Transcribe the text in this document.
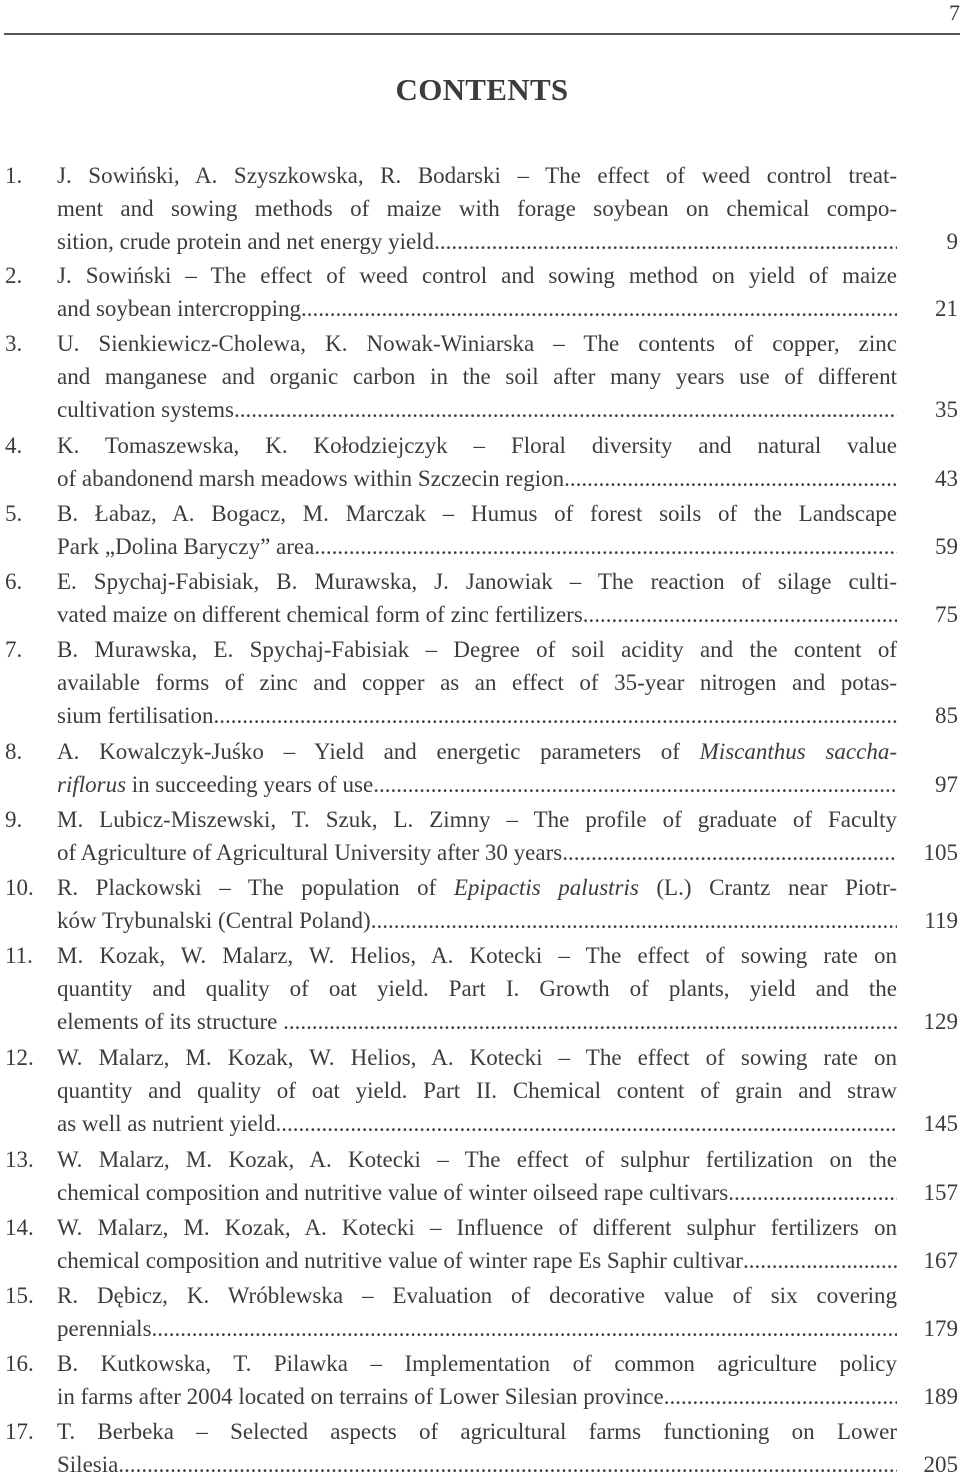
7
CONTENTS
1. J. Sowiński, A. Szyszkowska, R. Bodarski – The effect of weed control treat-
ment and sowing methods of maize with forage soybean on chemical compo-
sition, crude protein and net energy yield .....	9
2. J. Sowiński – The effect of weed control and sowing method on yield of maize
and soybean intercropping .....	21
3. U. Sienkiewicz-Cholewa, K. Nowak-Winiarska – The contents of copper, zinc
and manganese and organic carbon in the soil after many years use of different
cultivation systems .....	35
4. K. Tomaszewska, K. Kołodziejczyk – Floral diversity and natural value
of abandonend marsh meadows within Szczecin region .....	43
5. B. Łabaz, A. Bogacz, M. Marczak – Humus of forest soils of the Landscape
Park „Dolina Baryczy” area .....	59
6. E. Spychaj-Fabisiak, B. Murawska, J. Janowiak – The reaction of silage culti-
vated maize on different chemical form of zinc fertilizers .....	75
7. B. Murawska, E. Spychaj-Fabisiak – Degree of soil acidity and the content of
available forms of zinc and copper as an effect of 35-year nitrogen and potas-
sium fertilisation .....	85
8. A. Kowalczyk-Juśko – Yield and energetic parameters of Miscanthus saccha-
riflorus in succeeding years of use .....	97
9. M. Lubicz-Miszewski, T. Szuk, L. Zimny – The profile of graduate of Faculty
of Agriculture of Agricultural University after 30 years .....	105
10. R. Plackowski – The population of Epipactis palustris (L.) Crantz near Piotr-
ków Trybunalski (Central Poland) .....	119
11. M. Kozak, W. Malarz, W. Helios, A. Kotecki – The effect of sowing rate on
quantity and quality of oat yield. Part I. Growth of plants, yield and the
elements of its structure .....	129
12. W. Malarz, M. Kozak, W. Helios, A. Kotecki – The effect of sowing rate on
quantity and quality of oat yield. Part II. Chemical content of grain and straw
as well as nutrient yield .....	145
13. W. Malarz, M. Kozak, A. Kotecki – The effect of sulphur fertilization on the
chemical composition and nutritive value of winter oilseed rape cultivars .....	157
14. W. Malarz, M. Kozak, A. Kotecki – Influence of different sulphur fertilizers on
chemical composition and nutritive value of winter rape Es Saphir cultivar .....	167
15. R. Dębicz, K. Wróblewska – Evaluation of decorative value of six covering
perennials .....	179
16. B. Kutkowska, T. Pilawka – Implementation of common agriculture policy
in farms after 2004 located on terrains of Lower Silesian province .....	189
17. T. Berbeka – Selected aspects of agricultural farms functioning on Lower
Silesia .....	205
